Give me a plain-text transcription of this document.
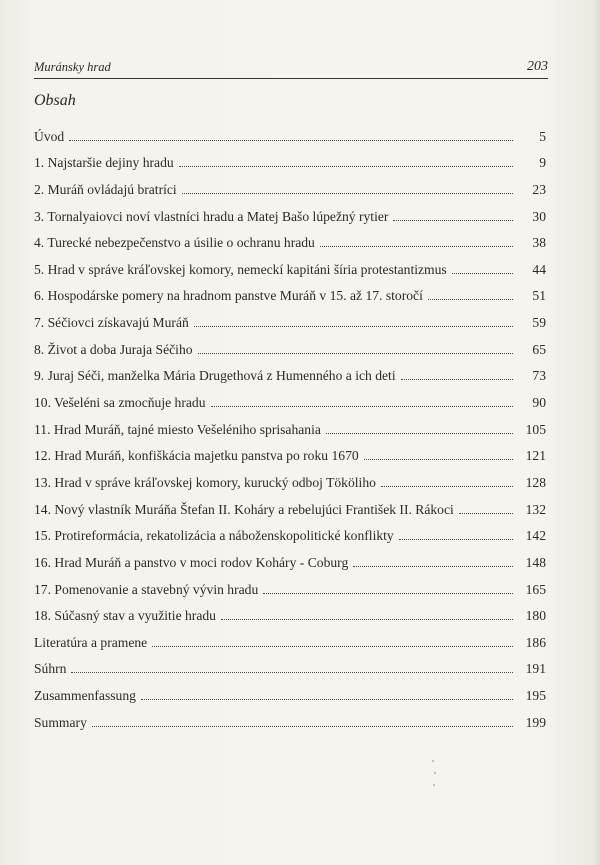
Muránsky hrad	203
Obsah
Úvod	5
1. Najstaršie dejiny hradu	9
2. Muráň ovládajú bratríci	23
3. Tornalyaiovci noví vlastníci hradu a Matej Bašo lúpežný rytier	30
4. Turecké nebezpečenstvo a úsilie o ochranu hradu	38
5. Hrad v správe kráľovskej komory, nemeckí kapitáni šíria protestantizmus	44
6. Hospodárske pomery na hradnom panstve Muráň v 15. až 17. storočí	51
7. Séčiovci získavajú Muráň	59
8. Život a doba Juraja Séčiho	65
9. Juraj Séči, manželka Mária Drugethová z Humenného a ich deti	73
10. Vešeléni sa zmocňuje hradu	90
11. Hrad Muráň, tajné miesto Vešeléniho sprisahania	105
12. Hrad Muráň, konfiškácia majetku panstva po roku 1670	121
13. Hrad v správe kráľovskej komory, kurucký odboj Tököliho	128
14. Nový vlastník Muráňa Štefan II. Koháry a rebelujúci František II. Rákoci	132
15. Protireformácia, rekatolizácia a náboženskopolitické konflikty	142
16. Hrad Muráň a panstvo v moci rodov Koháry - Coburg	148
17. Pomenovanie a stavebný vývin hradu	165
18. Súčasný stav a využitie hradu	180
Literatúra a pramene	186
Súhrn	191
Zusammenfassung	195
Summary	199
